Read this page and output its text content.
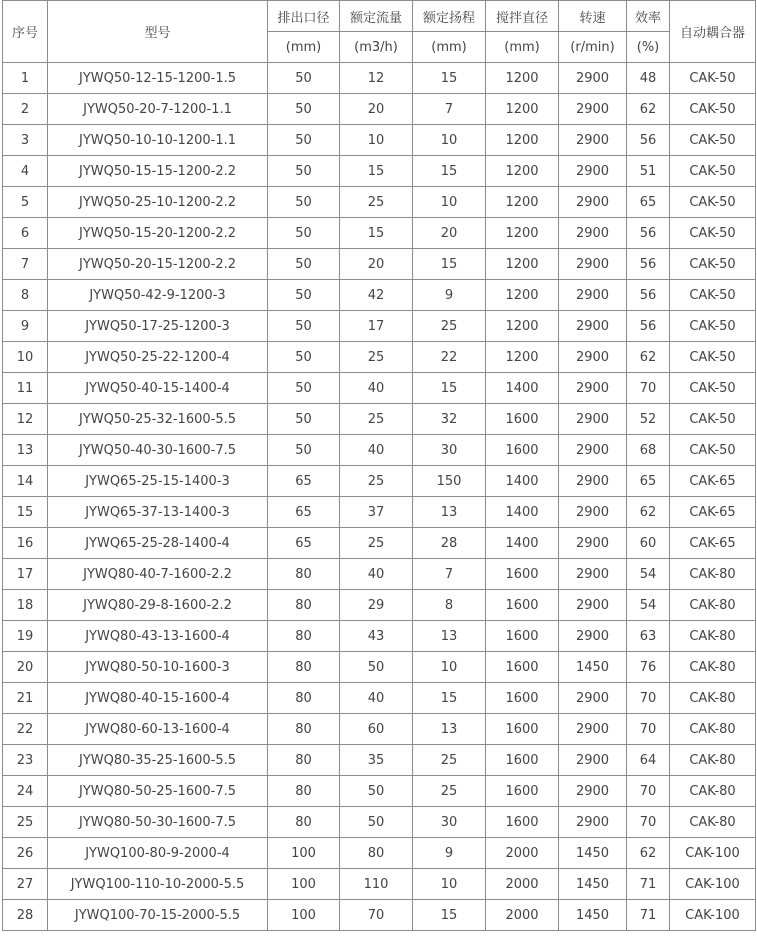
序号	型号	排出口径	额定流量	额定扬程	搅拌直径	转速	效率	自动耦合器
		(mm)	(m3/h)	(mm)	(mm)	(r/min)	(%)	
1	JYWQ50-12-15-1200-1.5	50	12	15	1200	2900	48	CAK-50
2	JYWQ50-20-7-1200-1.1	50	20	7	1200	2900	62	CAK-50
3	JYWQ50-10-10-1200-1.1	50	10	10	1200	2900	56	CAK-50
4	JYWQ50-15-15-1200-2.2	50	15	15	1200	2900	51	CAK-50
5	JYWQ50-25-10-1200-2.2	50	25	10	1200	2900	65	CAK-50
6	JYWQ50-15-20-1200-2.2	50	15	20	1200	2900	56	CAK-50
7	JYWQ50-20-15-1200-2.2	50	20	15	1200	2900	56	CAK-50
8	JYWQ50-42-9-1200-3	50	42	9	1200	2900	56	CAK-50
9	JYWQ50-17-25-1200-3	50	17	25	1200	2900	56	CAK-50
10	JYWQ50-25-22-1200-4	50	25	22	1200	2900	62	CAK-50
11	JYWQ50-40-15-1400-4	50	40	15	1400	2900	70	CAK-50
12	JYWQ50-25-32-1600-5.5	50	25	32	1600	2900	52	CAK-50
13	JYWQ50-40-30-1600-7.5	50	40	30	1600	2900	68	CAK-50
14	JYWQ65-25-15-1400-3	65	25	150	1400	2900	65	CAK-65
15	JYWQ65-37-13-1400-3	65	37	13	1400	2900	62	CAK-65
16	JYWQ65-25-28-1400-4	65	25	28	1400	2900	60	CAK-65
17	JYWQ80-40-7-1600-2.2	80	40	7	1600	2900	54	CAK-80
18	JYWQ80-29-8-1600-2.2	80	29	8	1600	2900	54	CAK-80
19	JYWQ80-43-13-1600-4	80	43	13	1600	2900	63	CAK-80
20	JYWQ80-50-10-1600-3	80	50	10	1600	1450	76	CAK-80
21	JYWQ80-40-15-1600-4	80	40	15	1600	2900	70	CAK-80
22	JYWQ80-60-13-1600-4	80	60	13	1600	2900	70	CAK-80
23	JYWQ80-35-25-1600-5.5	80	35	25	1600	2900	64	CAK-80
24	JYWQ80-50-25-1600-7.5	80	50	25	1600	2900	70	CAK-80
25	JYWQ80-50-30-1600-7.5	80	50	30	1600	2900	70	CAK-80
26	JYWQ100-80-9-2000-4	100	80	9	2000	1450	62	CAK-100
27	JYWQ100-110-10-2000-5.5	100	110	10	2000	1450	71	CAK-100
28	JYWQ100-70-15-2000-5.5	100	70	15	2000	1450	71	CAK-100
